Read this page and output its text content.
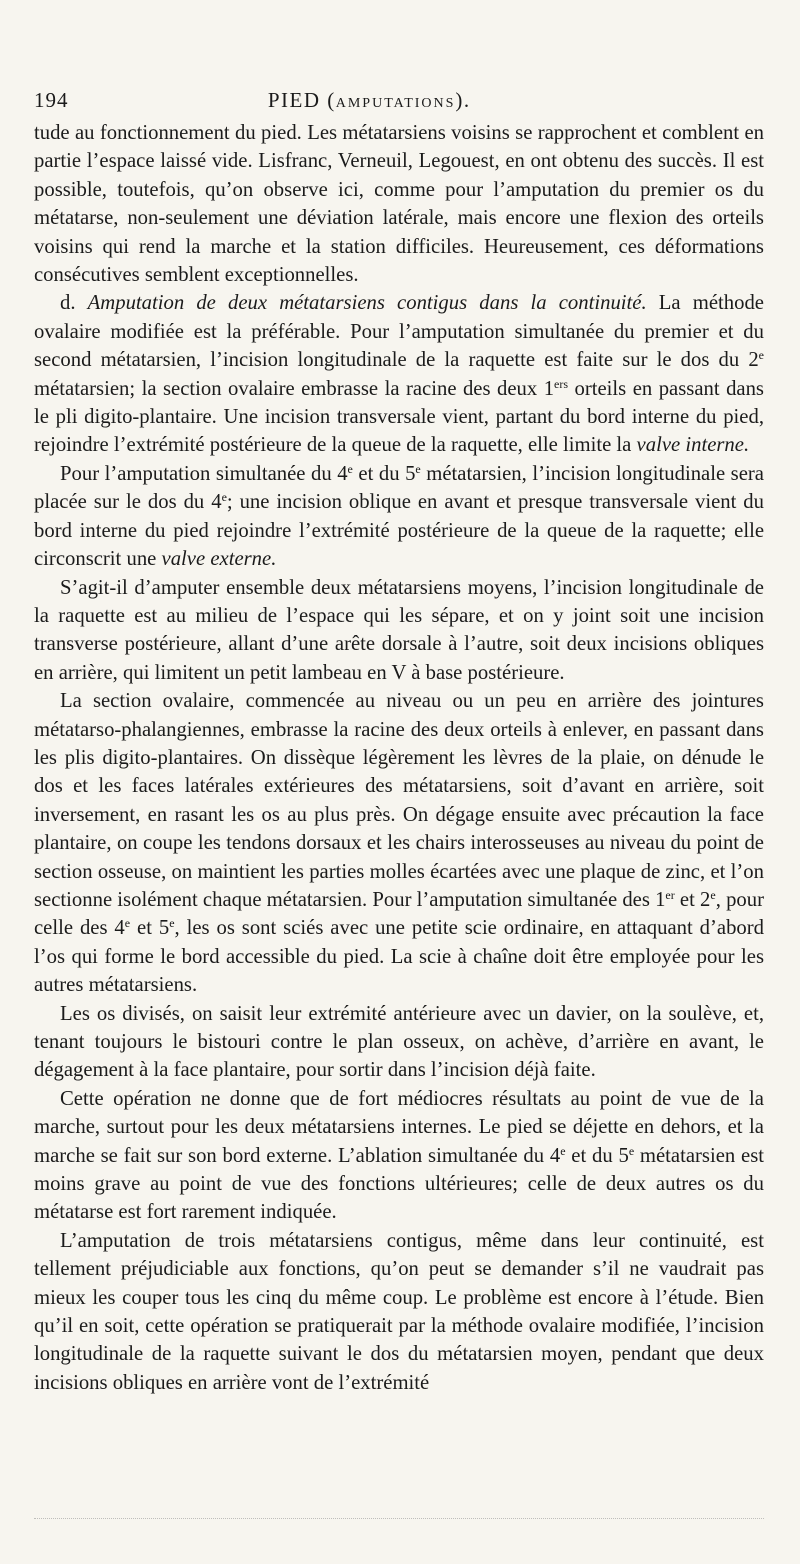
194	PIED (AMPUTATIONS).

tude au fonctionnement du pied. Les métatarsiens voisins se rapprochent et comblent en partie l’espace laissé vide. Lisfranc, Verneuil, Legouest, en ont obtenu des succès. Il est possible, toutefois, qu’on observe ici, comme pour l’amputation du premier os du métatarse, non-seulement une déviation latérale, mais encore une flexion des orteils voisins qui rend la marche et la station difficiles. Heureusement, ces déformations consécutives semblent exceptionnelles.

d. Amputation de deux métatarsiens contigus dans la continuité. La méthode ovalaire modifiée est la préférable. Pour l’amputation simultanée du premier et du second métatarsien, l’incision longitudinale de la raquette est faite sur le dos du 2e métatarsien; la section ovalaire embrasse la racine des deux 1ers orteils en passant dans le pli digito-plantaire. Une incision transversale vient, partant du bord interne du pied, rejoindre l’extrémité postérieure de la queue de la raquette, elle limite la valve interne.

Pour l’amputation simultanée du 4e et du 5e métatarsien, l’incision longitudinale sera placée sur le dos du 4e; une incision oblique en avant et presque transversale vient du bord interne du pied rejoindre l’extrémité postérieure de la queue de la raquette; elle circonscrit une valve externe.

S’agit-il d’amputer ensemble deux métatarsiens moyens, l’incision longitudinale de la raquette est au milieu de l’espace qui les sépare, et on y joint soit une incision transverse postérieure, allant d’une arête dorsale à l’autre, soit deux incisions obliques en arrière, qui limitent un petit lambeau en V à base postérieure.

La section ovalaire, commencée au niveau ou un peu en arrière des jointures métatarso-phalangiennes, embrasse la racine des deux orteils à enlever, en passant dans les plis digito-plantaires. On dissèque légèrement les lèvres de la plaie, on dénude le dos et les faces latérales extérieures des métatarsiens, soit d’avant en arrière, soit inversement, en rasant les os au plus près. On dégage ensuite avec précaution la face plantaire, on coupe les tendons dorsaux et les chairs interosseuses au niveau du point de section osseuse, on maintient les parties molles écartées avec une plaque de zinc, et l’on sectionne isolément chaque métatarsien. Pour l’amputation simultanée des 1er et 2e, pour celle des 4e et 5e, les os sont sciés avec une petite scie ordinaire, en attaquant d’abord l’os qui forme le bord accessible du pied. La scie à chaîne doit être employée pour les autres métatarsiens.

Les os divisés, on saisit leur extrémité antérieure avec un davier, on la soulève, et, tenant toujours le bistouri contre le plan osseux, on achève, d’arrière en avant, le dégagement à la face plantaire, pour sortir dans l’incision déjà faite.

Cette opération ne donne que de fort médiocres résultats au point de vue de la marche, surtout pour les deux métatarsiens internes. Le pied se déjette en dehors, et la marche se fait sur son bord externe. L’ablation simultanée du 4e et du 5e métatarsien est moins grave au point de vue des fonctions ultérieures; celle de deux autres os du métatarse est fort rarement indiquée.

L’amputation de trois métatarsiens contigus, même dans leur continuité, est tellement préjudiciable aux fonctions, qu’on peut se demander s’il ne vaudrait pas mieux les couper tous les cinq du même coup. Le problème est encore à l’étude. Bien qu’il en soit, cette opération se pratiquerait par la méthode ovalaire modifiée, l’incision longitudinale de la raquette suivant le dos du métatarsien moyen, pendant que deux incisions obliques en arrière vont de l’extrémité
